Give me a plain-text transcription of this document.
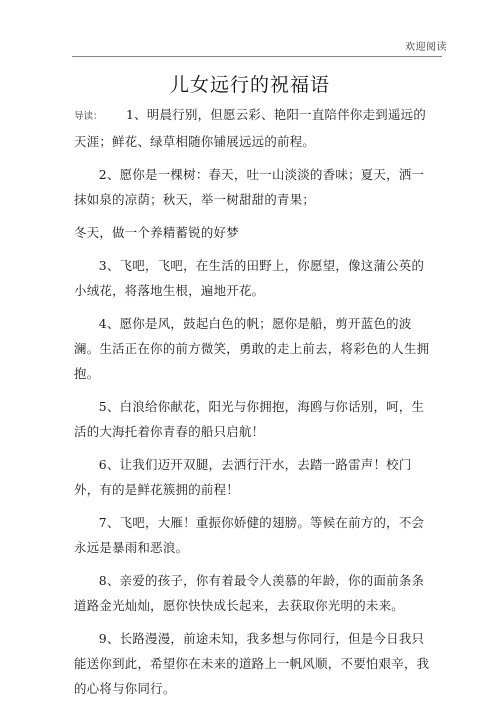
欢迎阅读
儿女远行的祝福语

导读： 1、明晨行别，但愿云彩、艳阳一直陪伴你走到遥远的天涯；鲜花、绿草相随你铺展远远的前程。

2、愿你是一棵树：春天，吐一山淡淡的香味；夏天，洒一抹如泉的凉荫；秋天，举一树甜甜的青果；

冬天，做一个养精蓄锐的好梦

3、飞吧，飞吧，在生活的田野上，你愿望，像这蒲公英的小绒花，将落地生根，遍地开花。

4、愿你是风，鼓起白色的帆；愿你是船，剪开蓝色的波澜。生活正在你的前方微笑，勇敢的走上前去，将彩色的人生拥抱。

5、白浪给你献花，阳光与你拥抱，海鸥与你话别，呵，生活的大海托着你青春的船只启航！

6、让我们迈开双腿，去洒行汗水，去踏一路雷声！校门外，有的是鲜花簇拥的前程！

7、飞吧，大雁！重振你娇健的翅膀。等候在前方的，不会永远是暴雨和恶浪。

8、亲爱的孩子，你有着最令人羡慕的年龄，你的面前条条道路金光灿灿，愿你快快成长起来，去获取你光明的未来。

9、长路漫漫，前途未知，我多想与你同行，但是今日我只能送你到此，希望你在未来的道路上一帆风顺，不要怕艰辛，我的心将与你同行。
